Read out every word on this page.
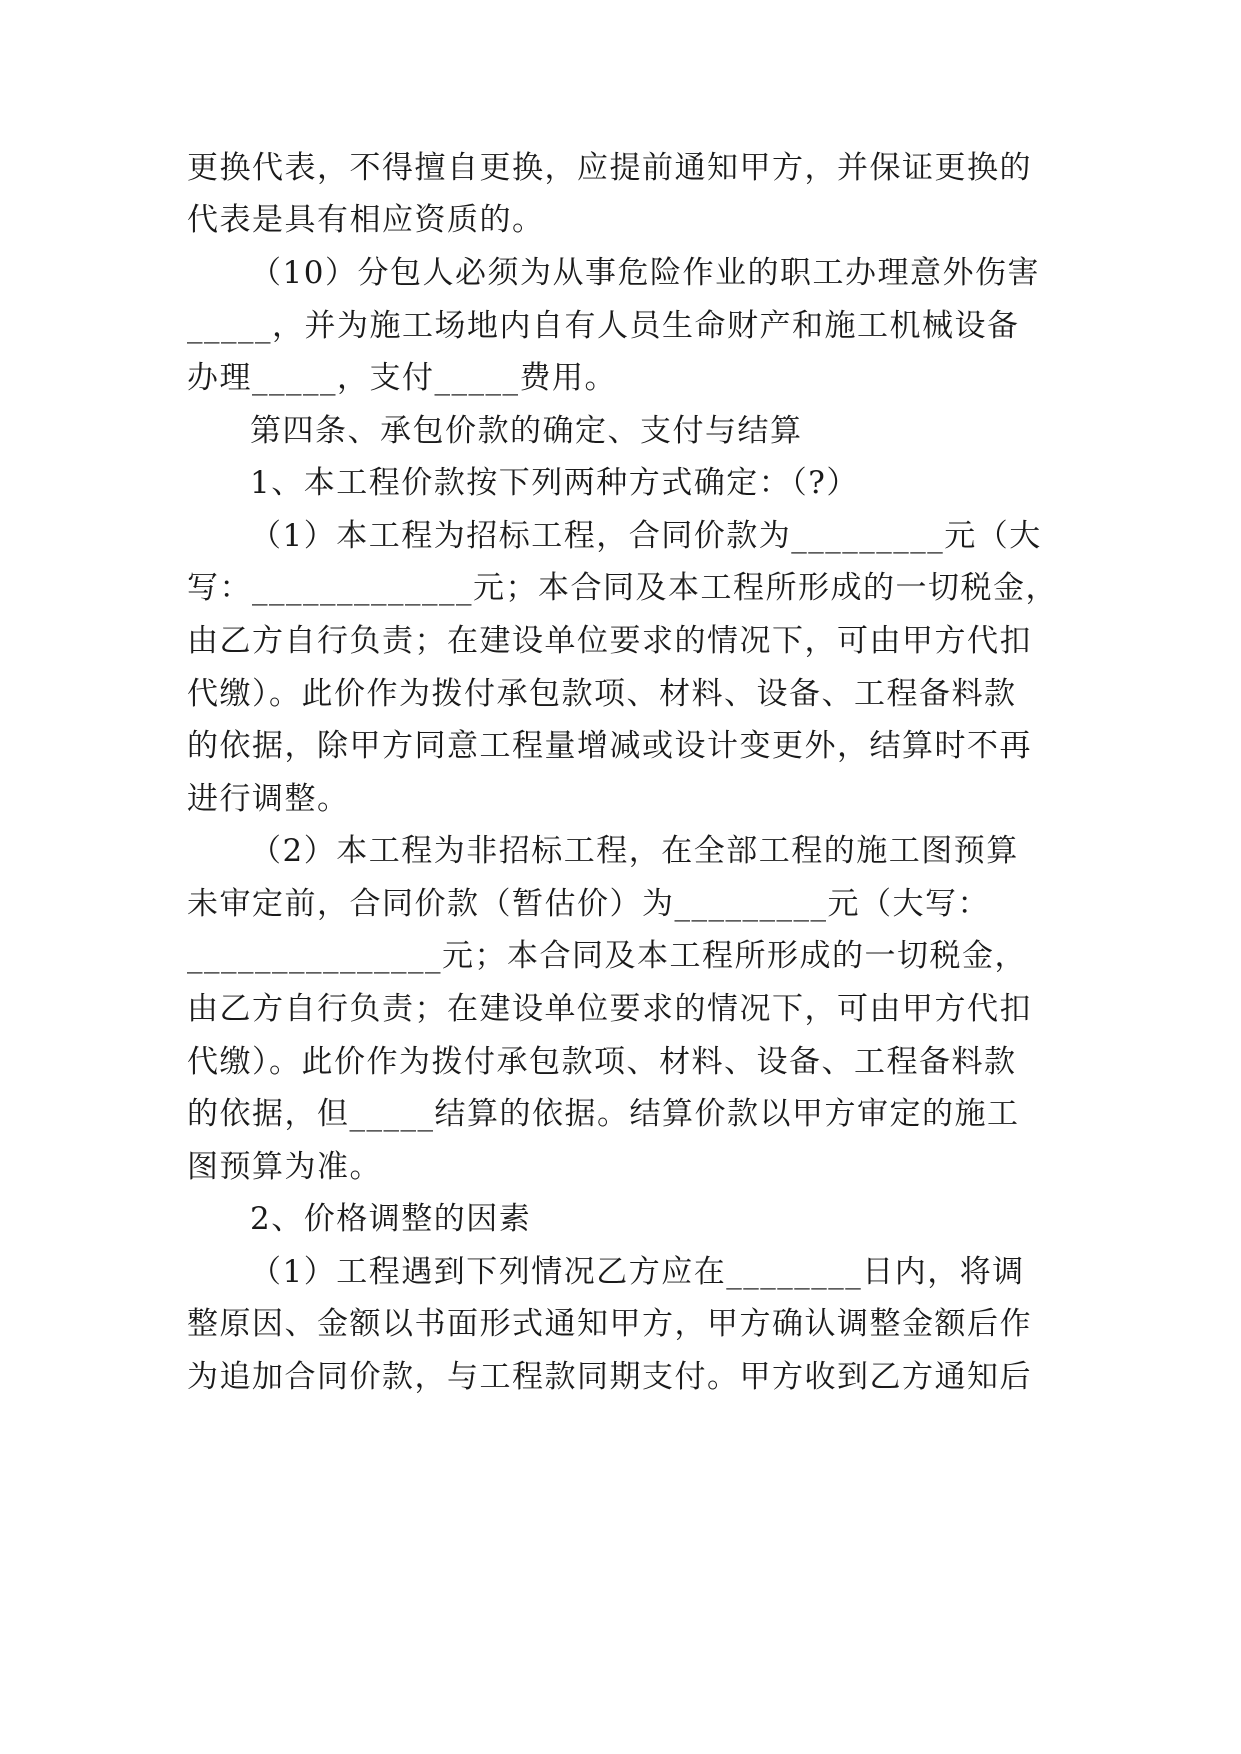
更换代表，不得擅自更换，应提前通知甲方，并保证更换的
代表是具有相应资质的。
（10）分包人必须为从事危险作业的职工办理意外伤害
_____，并为施工场地内自有人员生命财产和施工机械设备
办理_____，支付_____费用。
第四条、承包价款的确定、支付与结算
1、本工程价款按下列两种方式确定：（?）
（1）本工程为招标工程，合同价款为_________元（大
写：_____________元；本合同及本工程所形成的一切税金，
由乙方自行负责；在建设单位要求的情况下，可由甲方代扣
代缴）。此价作为拨付承包款项、材料、设备、工程备料款
的依据，除甲方同意工程量增减或设计变更外，结算时不再
进行调整。
（2）本工程为非招标工程，在全部工程的施工图预算
未审定前，合同价款（暂估价）为_________元（大写：
_______________元；本合同及本工程所形成的一切税金，
由乙方自行负责；在建设单位要求的情况下，可由甲方代扣
代缴）。此价作为拨付承包款项、材料、设备、工程备料款
的依据，但_____结算的依据。结算价款以甲方审定的施工
图预算为准。
2、价格调整的因素
（1）工程遇到下列情况乙方应在________日内，将调
整原因、金额以书面形式通知甲方，甲方确认调整金额后作
为追加合同价款，与工程款同期支付。甲方收到乙方通知后
